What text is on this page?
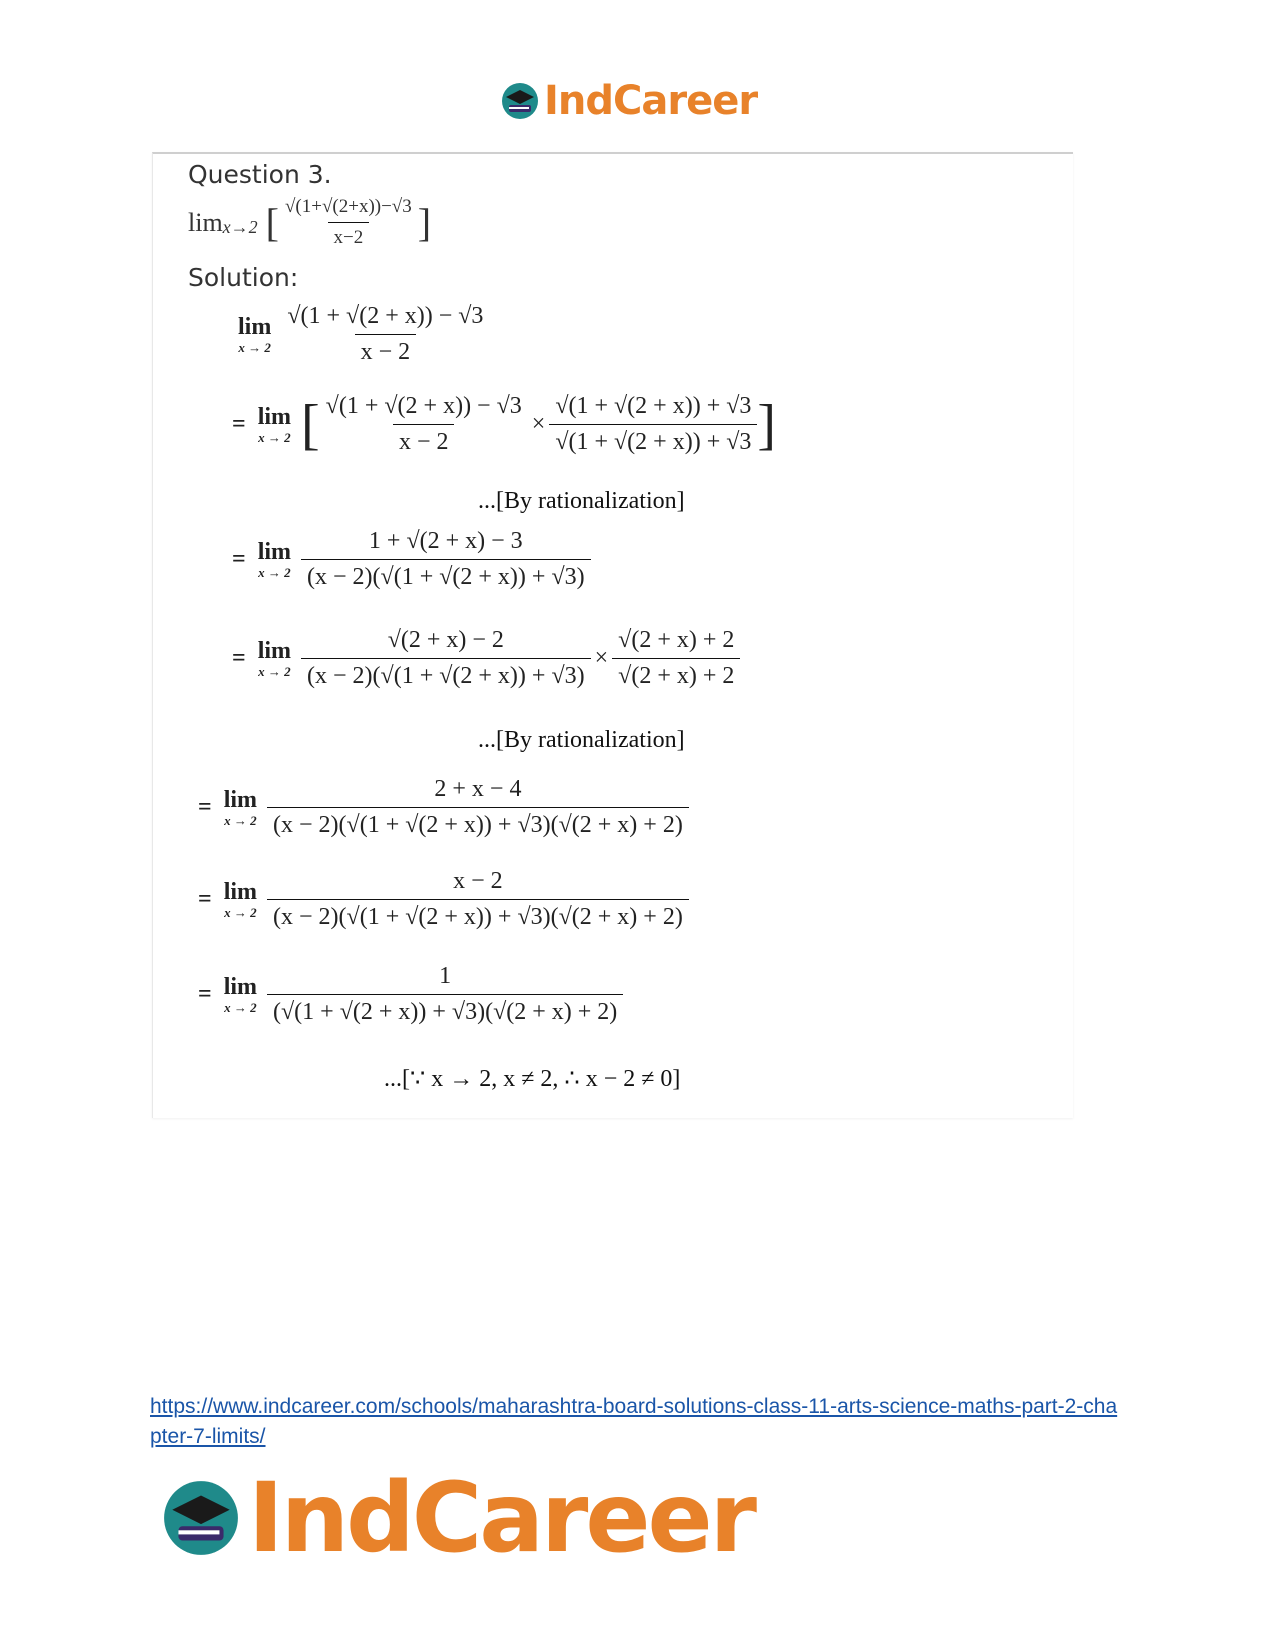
IndCareer
Question 3.
lim x→2 [ $\frac{√(1+√(2+x))-√3}{x-2}$ ]
Solution:
lim
$x \to 2 \frac{√(1 + √(2 + x)) - √3}{x - 2}$
= lim
x → 2 [ $\frac{√(1 + √(2 + x)) - √3}{x - 2} \times \frac{√(1 + √(2 + x)) + √3}{√(1 + √(2 + x)) + √3}$ ]
...[By rationalization]
= lim
$x \to 2 \frac{1 + √(2 + x) - 3}{(x - 2)(√(1 + √(2 + x)) + √3)}$
= lim
$x \to 2 \frac{√(2 + x) - 2}{(x - 2)(√(1 + √(2 + x)) + √3)} \times \frac{√(2 + x) + 2}{√(2 + x) + 2}$
...[By rationalization]
= lim
$x \to 2 \frac{2 + x - 4}{(x - 2)(√(1 + √(2 + x)) + √3)(√(2 + x) + 2)}$
= lim
$x \to 2 \frac{x - 2}{(x - 2)(√(1 + √(2 + x)) + √3)(√(2 + x) + 2)}$
= lim
$x \to 2 \frac{1}{(√(1 + √(2 + x)) + √3)(√(2 + x) + 2)}$
...[∵ x → 2, x ≠ 2, ∴ x − 2 ≠ 0]
https://www.indcareer.com/schools/maharashtra-board-solutions-class-11-arts-science-maths-part-2-chapter-7-limits/
IndCareer
